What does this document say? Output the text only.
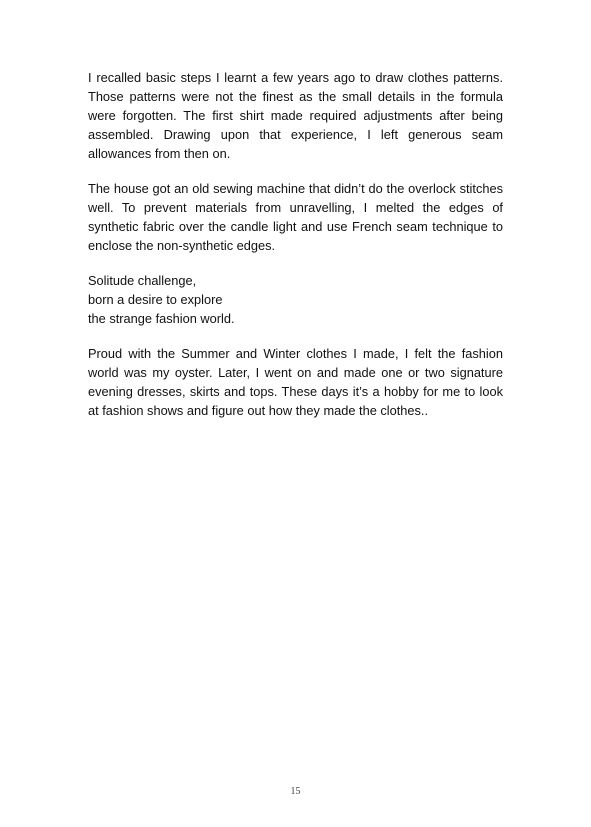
I recalled basic steps I learnt a few years ago to draw clothes patterns. Those patterns were not the finest as the small details in the formula were forgotten. The first shirt made required adjustments after being assembled. Drawing upon that experience, I left generous seam allowances from then on.

The house got an old sewing machine that didn’t do the overlock stitches well. To prevent materials from unravelling, I melted the edges of synthetic fabric over the candle light and use French seam technique to enclose the non-synthetic edges.

Solitude challenge,
born a desire to explore
the strange fashion world.

Proud with the Summer and Winter clothes I made, I felt the fashion world was my oyster. Later, I went on and made one or two signature evening dresses, skirts and tops. These days it’s a hobby for me to look at fashion shows and figure out how they made the clothes..

15
